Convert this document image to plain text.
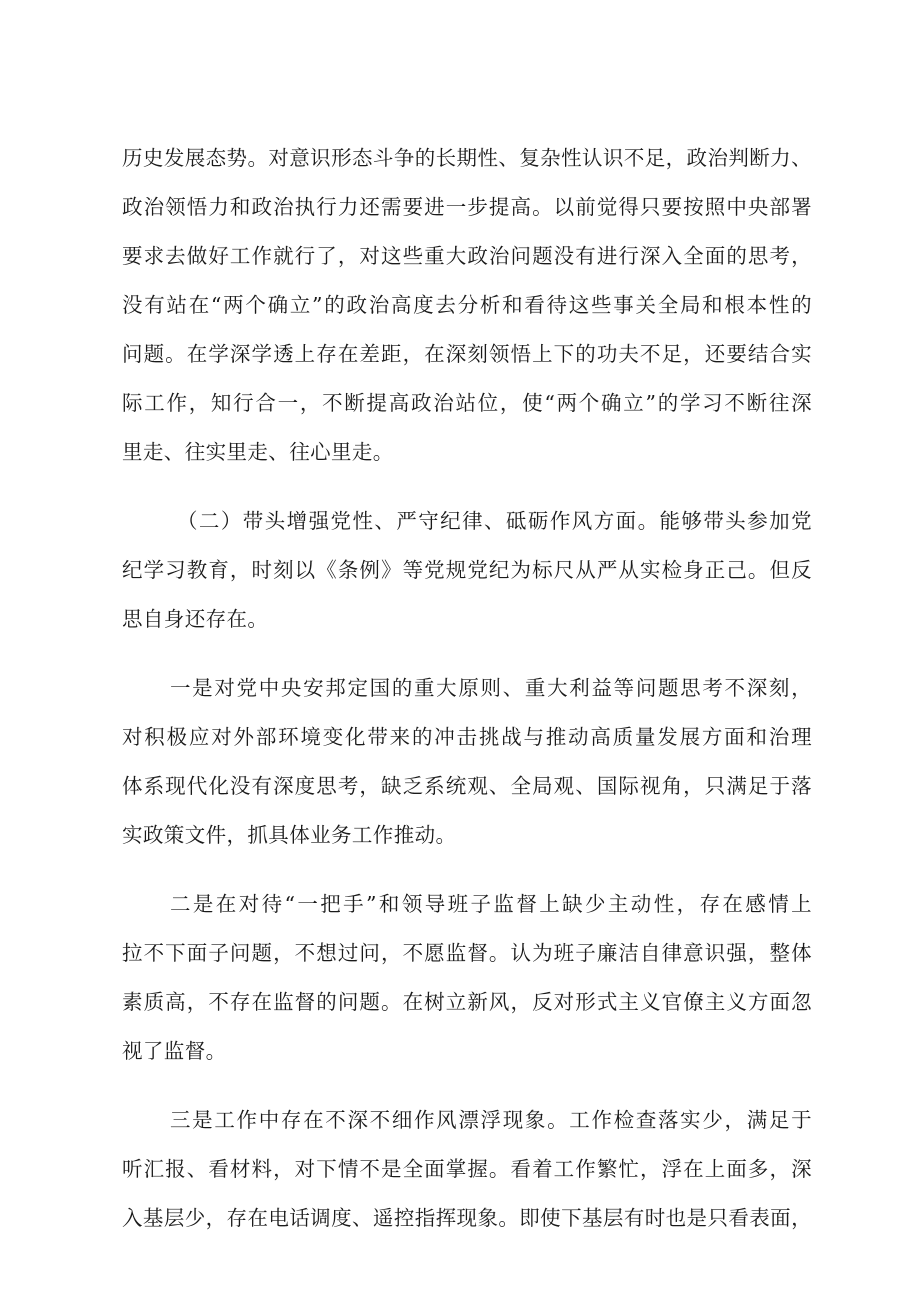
历史发展态势。对意识形态斗争的长期性、复杂性认识不足，政治判断力、

政治领悟力和政治执行力还需要进一步提高。以前觉得只要按照中央部署

要求去做好工作就行了，对这些重大政治问题没有进行深入全面的思考，

没有站在“两个确立”的政治高度去分析和看待这些事关全局和根本性的

问题。在学深学透上存在差距，在深刻领悟上下的功夫不足，还要结合实

际工作，知行合一，不断提高政治站位，使“两个确立”的学习不断往深

里走、往实里走、往心里走。

（二）带头增强党性、严守纪律、砥砺作风方面。能够带头参加党

纪学习教育，时刻以《条例》等党规党纪为标尺从严从实检身正己。但反

思自身还存在。

一是对党中央安邦定国的重大原则、重大利益等问题思考不深刻，

对积极应对外部环境变化带来的冲击挑战与推动高质量发展方面和治理

体系现代化没有深度思考，缺乏系统观、全局观、国际视角，只满足于落

实政策文件，抓具体业务工作推动。

二是在对待“一把手”和领导班子监督上缺少主动性，存在感情上

拉不下面子问题，不想过问，不愿监督。认为班子廉洁自律意识强，整体

素质高，不存在监督的问题。在树立新风，反对形式主义官僚主义方面忽

视了监督。

三是工作中存在不深不细作风漂浮现象。工作检查落实少，满足于

听汇报、看材料，对下情不是全面掌握。看着工作繁忙，浮在上面多，深

入基层少，存在电话调度、遥控指挥现象。即使下基层有时也是只看表面，
